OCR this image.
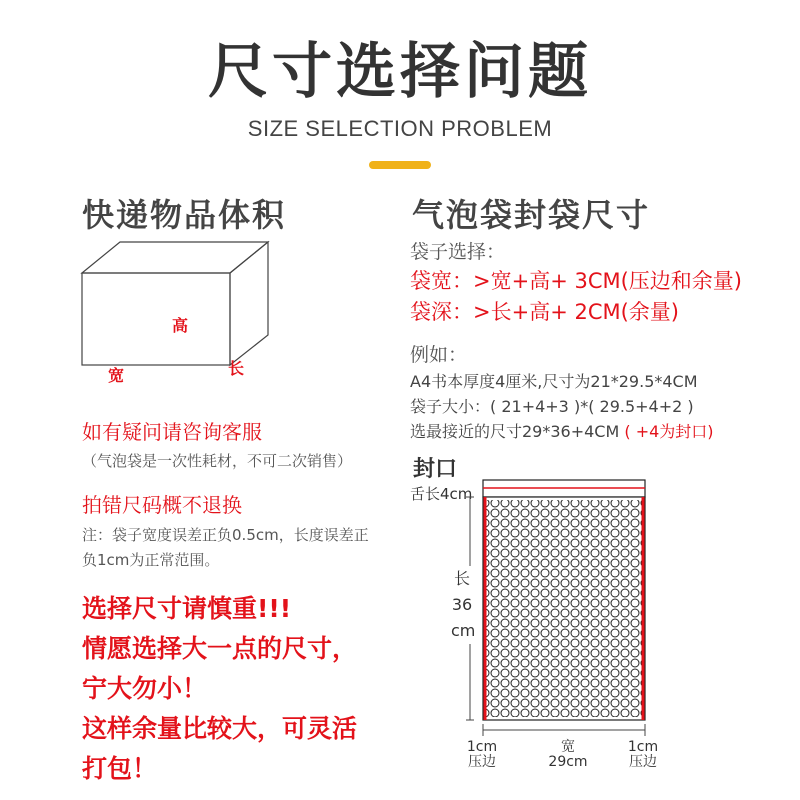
尺寸选择问题
SIZE SELECTION PROBLEM
快递物品体积
高
宽	长
如有疑问请咨询客服
（气泡袋是一次性耗材，不可二次销售）
拍错尺码概不退换
注：袋子宽度误差正负0.5cm，长度误差正负1cm为正常范围。
选择尺寸请慎重!!!
情愿选择大一点的尺寸，
宁大勿小！
这样余量比较大，可灵活
打包！
气泡袋封袋尺寸
袋子选择：
袋宽：>宽+高+ 3CM(压边和余量)
袋深：>长+高+ 2CM(余量)
例如：
A4书本厚度4厘米,尺寸为21*29.5*4CM
袋子大小：( 21+4+3 )*( 29.5+4+2 )
选最接近的尺寸29*36+4CM ( +4为封口)
封口
舌长4cm
长
36
cm
1cm
压边
宽
29cm
1cm
压边
